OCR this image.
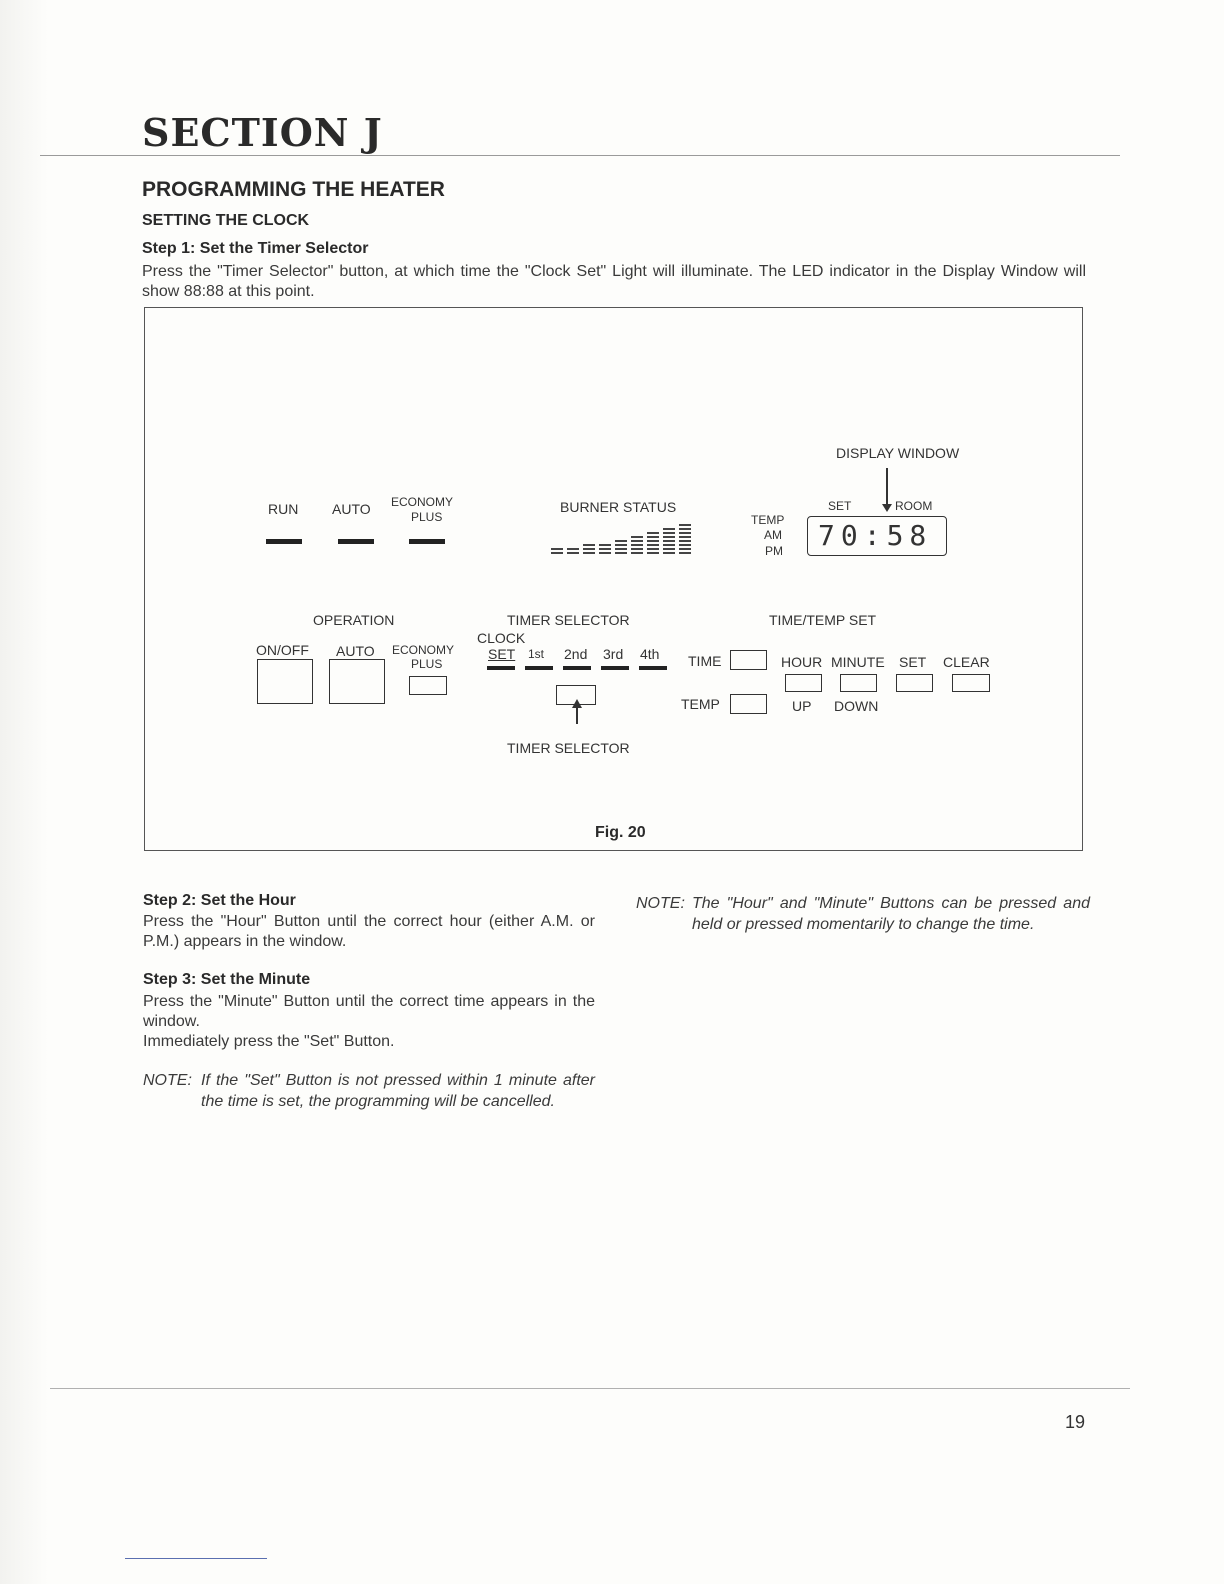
SECTION J
PROGRAMMING THE HEATER
SETTING THE CLOCK
Step 1: Set the Timer Selector
Press the "Timer Selector" button, at which time the "Clock Set" Light will illuminate. The LED indicator in the Display Window will show 88:88 at this point.
DISPLAY WINDOW
RUN AUTO ECONOMY
PLUS
BURNER STATUS
TEMP
AM
PM
SET	ROOM
70:58
OPERATION	TIMER SELECTOR	TIME/TEMP SET
ON/OFF AUTO ECONOMY
PLUS
CLOCK
SET 1st 2nd 3rd 4th
TIMER SELECTOR
TIME
TEMP
HOUR MINUTE SET CLEAR
UP DOWN
Fig. 20
Step 2: Set the Hour
Press the "Hour" Button until the correct hour (either A.M. or P.M.) appears in the window.
Step 3: Set the Minute
Press the "Minute" Button until the correct time appears in the window.
Immediately press the "Set" Button.
NOTE: If the "Set" Button is not pressed within 1 minute after the time is set, the programming will be cancelled.
NOTE: The "Hour" and "Minute" Buttons can be pressed and held or pressed momentarily to change the time.
19
